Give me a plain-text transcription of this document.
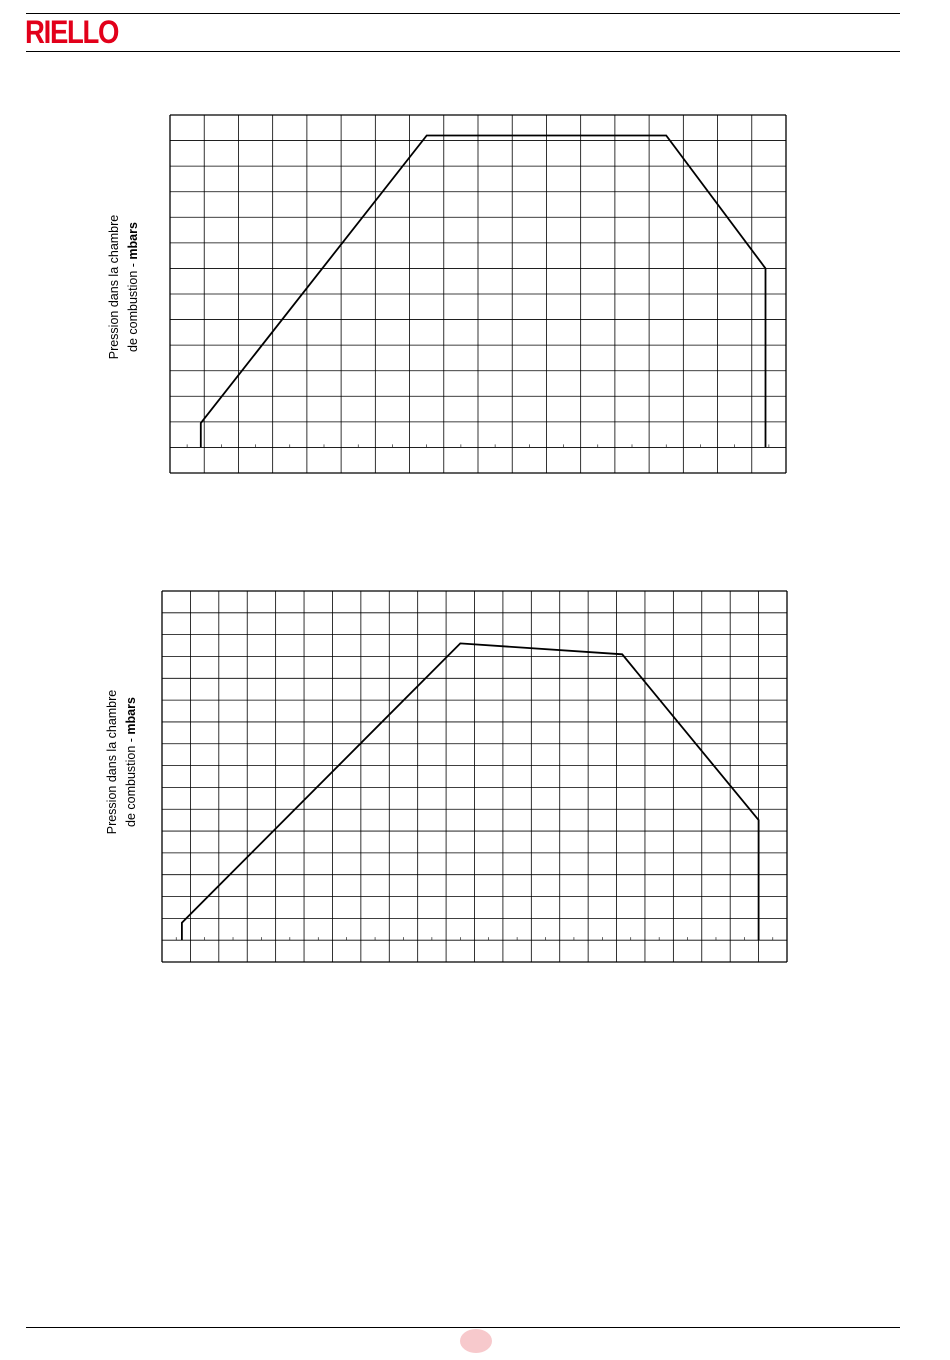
RIELLO
Pression dans la chambre de combustion - mbars
Pression dans la chambre de combustion - mbars
